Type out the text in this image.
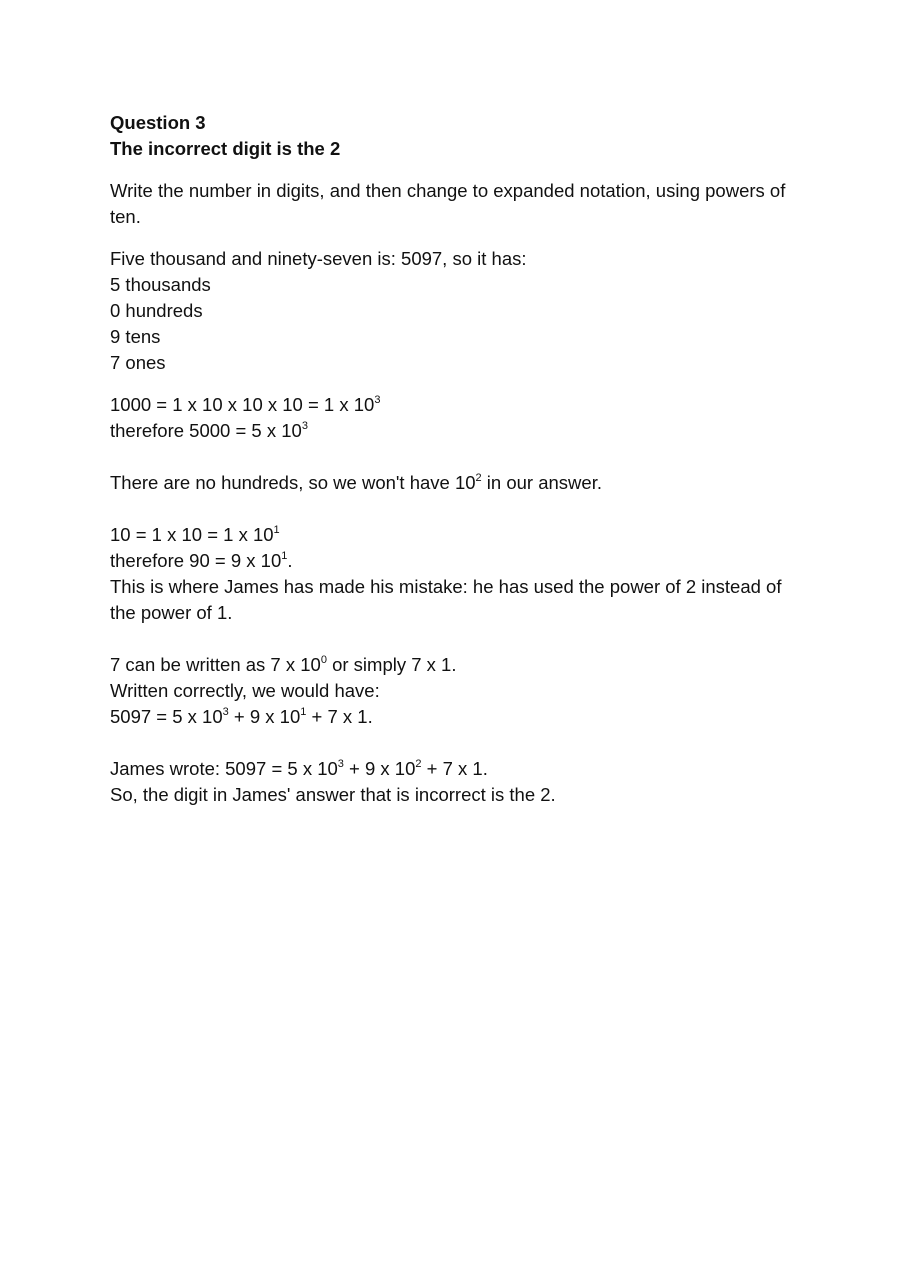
Question 3

The incorrect digit is the 2

Write the number in digits, and then change to expanded notation, using powers of ten.

Five thousand and ninety-seven is: 5097, so it has:
5 thousands
0 hundreds
9 tens
7 ones
1000 = 1 x 10 x 10 x 10 = 1 x $10^3$
therefore 5000 = 5 x $10^3$
There are no hundreds, so we won't have $10^2$ in our answer.
10 = 1 x 10 = 1 x $10^1$
therefore 90 = 9 x $10^1$.
This is where James has made his mistake: he has used the power of 2 instead of the power of 1.
7 can be written as 7 x $10^0$ or simply 7 x 1.
Written correctly, we would have:
5097 = 5 x $10^3 + 9$ x $10^1 + 7$ x 1.
James wrote: 5097 = 5 x $10^3 + 9$ x $10^2 + 7$ x 1.
So, the digit in James' answer that is incorrect is the 2.
